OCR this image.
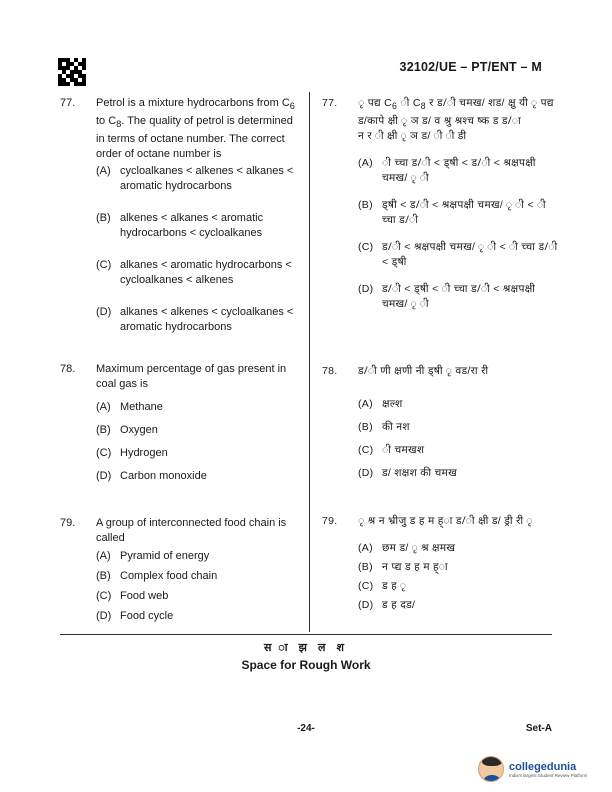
32102/UE – PT/ENT – M
77.	Petrol is a mixture hydrocarbons from $C_6$ to $C_8$. The quality of petrol is determined in terms of octane number. The correct order of octane number is
(A) cycloalkanes < alkenes < alkanes < aromatic hydrocarbons
(B) alkenes < alkanes < aromatic hydrocarbons < cycloalkanes
(C) alkanes < aromatic hydrocarbons < cycloalkanes < alkenes
(D) alkanes < alkenes < cycloalkanes < aromatic hydrocarbons
78.	Maximum percentage of gas present in coal gas is
(A) Methane
(B) Oxygen
(C) Hydrogen
(D) Carbon monoxide
79.	A group of interconnected food chain is called
(A) Pyramid of energy
(B) Complex food chain
(C) Food web
(D) Food cycle
77.	ृ पद्य $C_6$ ी $C_8$ र ड/ी चमख/ शड/ क्षु यी ृ पद्य
ड/कापे क्षी ृ ञ ड/ व श्रु श्रश्च ष्क ड ड/ा
न र ी क्षी ृ ञ ड/ ी ी डी
(A) ी च्चा ड/ी < ड्षी < ड/ी < श्रक्षपक्षी चमख/ ृ ी
(B) ड्षी < ड/ी < श्रक्षपक्षी चमख/ ृ ी < ी च्चा ड/ी
(C) ड/ी < श्रक्षपक्षी चमख/ ृ ी < ी च्चा ड/ी < ड्षी
(D) ड/ी < ड्षी < ी च्चा ड/ी < श्रक्षपक्षी चमख/ ृ ी
78.	ड/ी णी क्षणी नी ड्षी ृ वड/रा री
(A) क्षल्श
(B) की नश
(C) ी चमखश
(D) ड/ शक्षश की चमख
79.	ृ श्र न भ्रीजु ड ह म ह्ा ड/ी क्षी ड/ ड्री री ृ
(A) छम ड/ ृ श्र क्षमख
(B) न प्द्य ड ह म ह्ा
(C) ड ह ृ
(D) ड ह दड/
स ा झ ल श
Space for Rough Work
-24-	Set-A
collegedunia
India's largest Student Review Platform
